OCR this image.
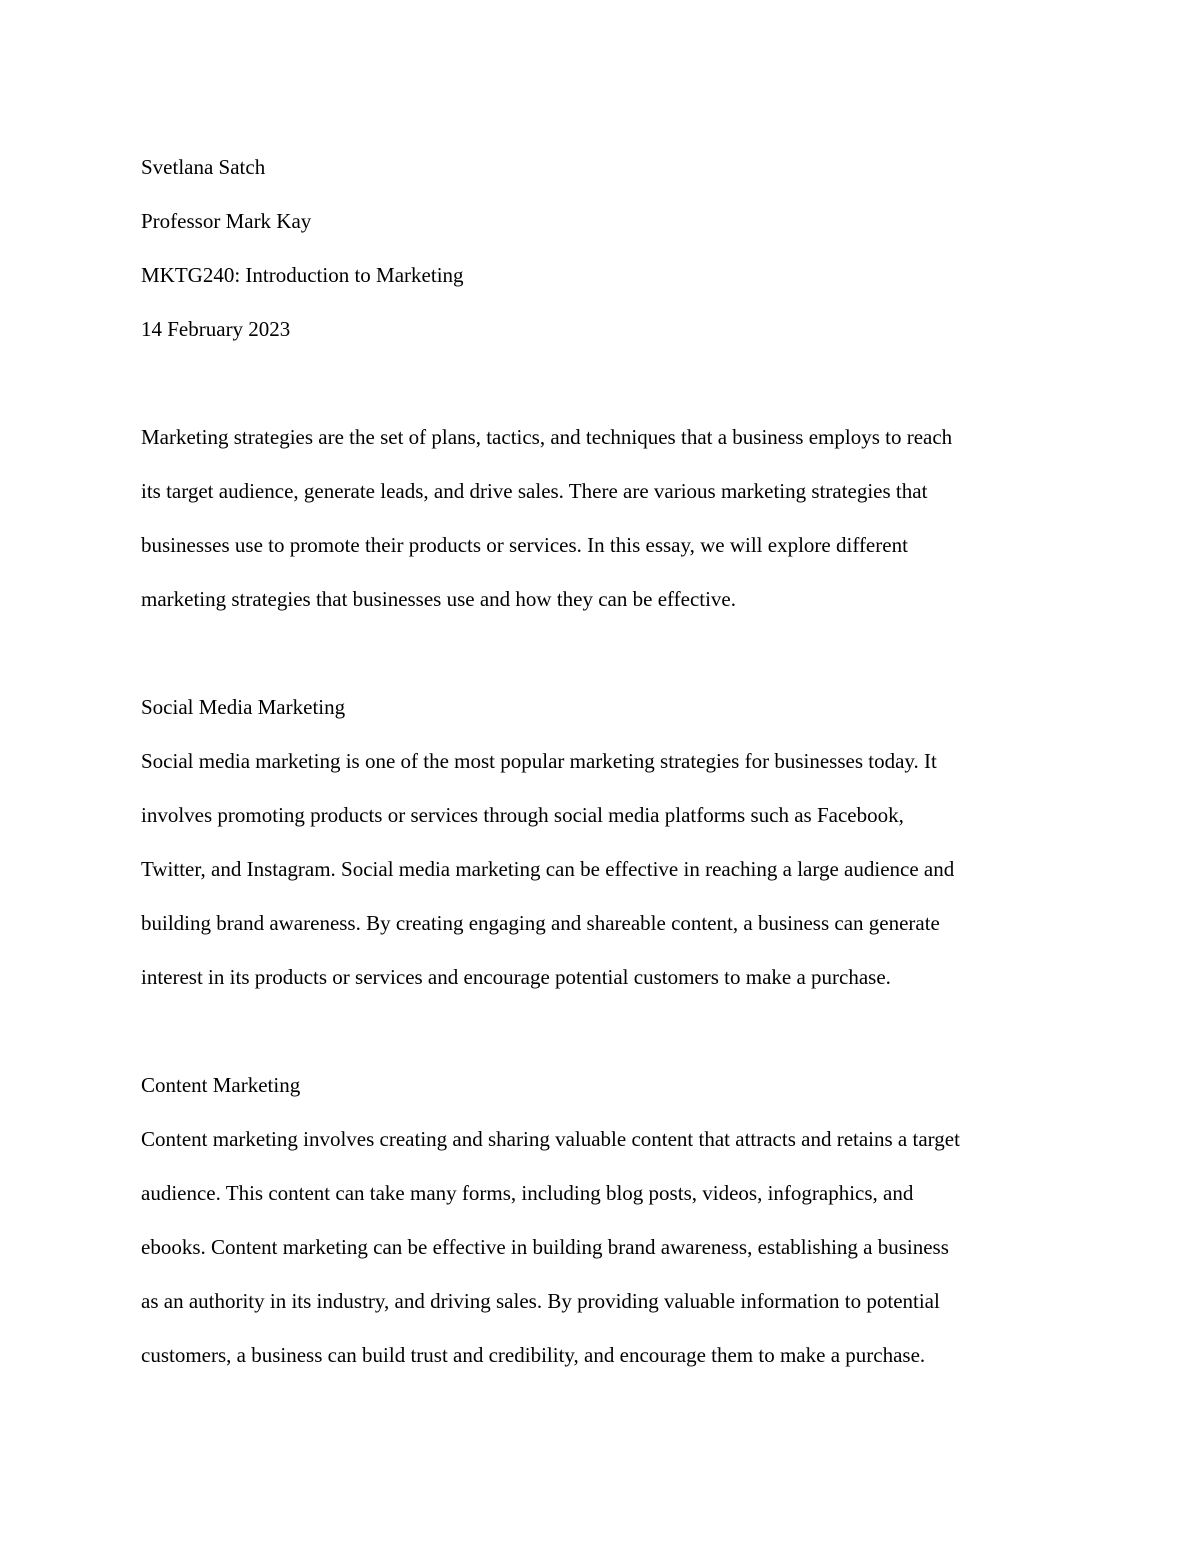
Svetlana Satch

Professor Mark Kay

MKTG240: Introduction to Marketing

14 February 2023

Marketing strategies are the set of plans, tactics, and techniques that a business employs to reach

its target audience, generate leads, and drive sales. There are various marketing strategies that

businesses use to promote their products or services. In this essay, we will explore different

marketing strategies that businesses use and how they can be effective.

Social Media Marketing

Social media marketing is one of the most popular marketing strategies for businesses today. It

involves promoting products or services through social media platforms such as Facebook,

Twitter, and Instagram. Social media marketing can be effective in reaching a large audience and

building brand awareness. By creating engaging and shareable content, a business can generate

interest in its products or services and encourage potential customers to make a purchase.

Content Marketing

Content marketing involves creating and sharing valuable content that attracts and retains a target

audience. This content can take many forms, including blog posts, videos, infographics, and

ebooks. Content marketing can be effective in building brand awareness, establishing a business

as an authority in its industry, and driving sales. By providing valuable information to potential

customers, a business can build trust and credibility, and encourage them to make a purchase.
